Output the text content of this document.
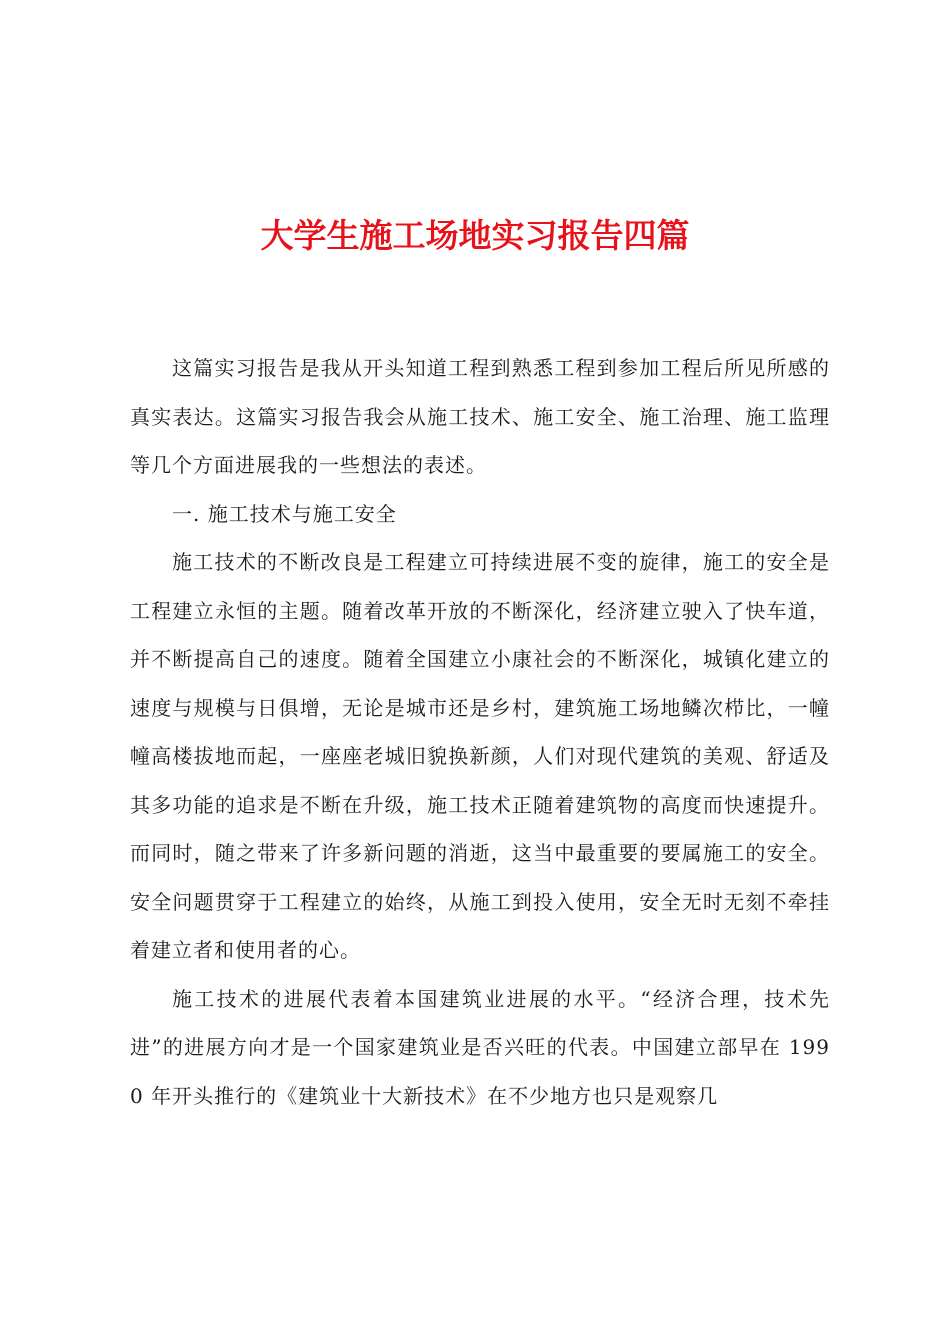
大学生施工场地实习报告四篇

这篇实习报告是我从开头知道工程到熟悉工程到参加工程后所见所感的真实表达。这篇实习报告我会从施工技术、施工安全、施工治理、施工监理等几个方面进展我的一些想法的表述。

一. 施工技术与施工安全

施工技术的不断改良是工程建立可持续进展不变的旋律，施工的安全是工程建立永恒的主题。随着改革开放的不断深化，经济建立驶入了快车道，并不断提高自己的速度。随着全国建立小康社会的不断深化，城镇化建立的速度与规模与日俱增，无论是城市还是乡村，建筑施工场地鳞次栉比，一幢幢高楼拔地而起，一座座老城旧貌换新颜，人们对现代建筑的美观、舒适及其多功能的追求是不断在升级，施工技术正随着建筑物的高度而快速提升。而同时，随之带来了许多新问题的消逝，这当中最重要的要属施工的安全。安全问题贯穿于工程建立的始终，从施工到投入使用，安全无时无刻不牵挂着建立者和使用者的心。

施工技术的进展代表着本国建筑业进展的水平。“经济合理，技术先进”的进展方向才是一个国家建筑业是否兴旺的代表。中国建立部早在 1990 年开头推行的《建筑业十大新技术》在不少地方也只是观察几
